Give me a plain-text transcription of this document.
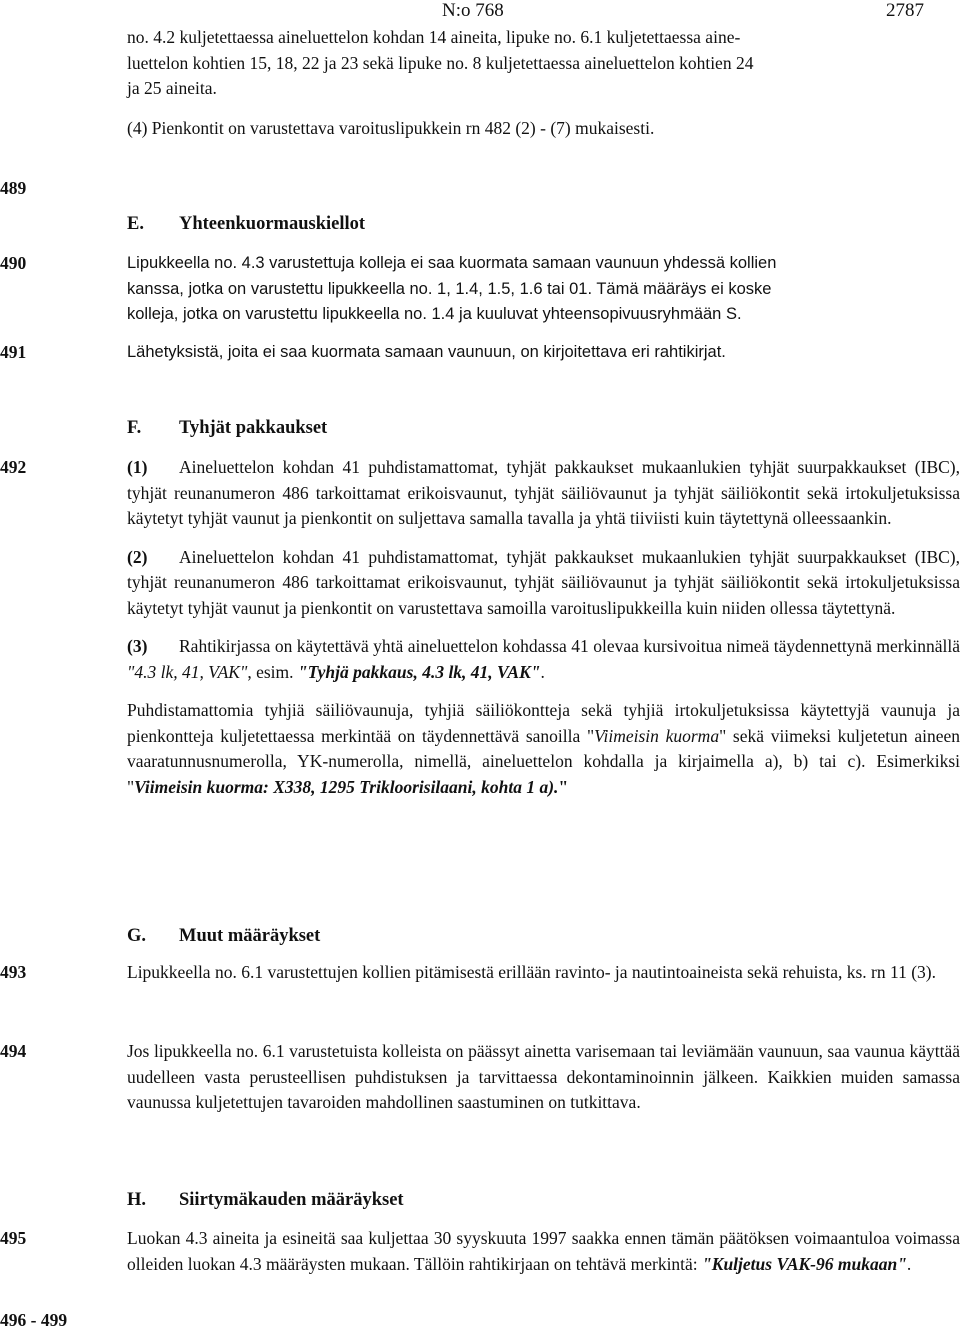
N:o 768	2787
no. 4.2 kuljetettaessa aineluettelon kohdan 14 aineita, lipuke no. 6.1 kuljetettaessa aine-
luettelon kohtien 15, 18, 22 ja 23 sekä lipuke no. 8 kuljetettaessa aineluettelon kohtien 24
ja 25 aineita.
(4) Pienkontit on varustettava varoituslipukkein rn 482 (2) - (7) mukaisesti.
489
490
491
492
493
494
495
496 - 499
E. Yhteenkuormauskiellot
Lipukkeella no. 4.3 varustettuja kolleja ei saa kuormata samaan vaunuun yhdessä kollien
kanssa, jotka on varustettu lipukkeella no. 1, 1.4, 1.5, 1.6 tai 01. Tämä määräys ei koske
kolleja, jotka on varustettu lipukkeella no. 1.4 ja kuuluvat yhteensopivuusryhmään S.
Lähetyksistä, joita ei saa kuormata samaan vaunuun, on kirjoitettava eri rahtikirjat.
F. Tyhjät pakkaukset

(1) Aineluettelon kohdan 41 puhdistamattomat, tyhjät pakkaukset mukaanlukien tyhjät suurpakkaukset (IBC), tyhjät reunanumeron 486 tarkoittamat erikoisvaunut, tyhjät säiliövaunut ja tyhjät säiliökontit sekä irtokuljetuksissa käytetyt tyhjät vaunut ja pienkontit on suljettava samalla tavalla ja yhtä tiiviisti kuin täytettynä olleessaankin.

(2) Aineluettelon kohdan 41 puhdistamattomat, tyhjät pakkaukset mukaanlukien tyhjät suurpakkaukset (IBC), tyhjät reunanumeron 486 tarkoittamat erikoisvaunut, tyhjät säiliövaunut ja tyhjät säiliökontit sekä irtokuljetuksissa käytetyt tyhjät vaunut ja pienkontit on varustettava samoilla varoituslipukkeilla kuin niiden ollessa täytettynä.

(3) Rahtikirjassa on käytettävä yhtä aineluettelon kohdassa 41 olevaa kursivoitua nimeä täydennettynä merkinnällä "4.3 lk, 41, VAK", esim. "Tyhjä pakkaus, 4.3 lk, 41, VAK".

Puhdistamattomia tyhjiä säiliövaunuja, tyhjiä säiliökontteja sekä tyhjiä irtokuljetuksissa käytettyjä vaunuja ja pienkontteja kuljetettaessa merkintää on täydennettävä sanoilla "Viimeisin kuorma" sekä viimeksi kuljetetun aineen vaaratunnusnumerolla, YK-numerolla, nimellä, aineluettelon kohdalla ja kirjaimella a), b) tai c). Esimerkiksi "Viimeisin kuorma: X338, 1295 Trikloorisilaani, kohta 1 a)."

G. Muut määräykset
Lipukkeella no. 6.1 varustettujen kollien pitämisestä erillään ravinto- ja nautintoaineista sekä rehuista, ks. rn 11 (3).
Jos lipukkeella no. 6.1 varustetuista kolleista on päässyt ainetta varisemaan tai leviämään vaunuun, saa vaunua käyttää uudelleen vasta perusteellisen puhdistuksen ja tarvittaessa dekontaminoinnin jälkeen. Kaikkien muiden samassa vaunussa kuljetettujen tavaroiden mahdollinen saastuminen on tutkittava.
H. Siirtymäkauden määräykset
Luokan 4.3 aineita ja esineitä saa kuljettaa 30 syyskuuta 1997 saakka ennen tämän päätöksen voimaantuloa voimassa olleiden luokan 4.3 määräysten mukaan. Tällöin rahtikirjaan on tehtävä merkintä: "Kuljetus VAK-96 mukaan".
